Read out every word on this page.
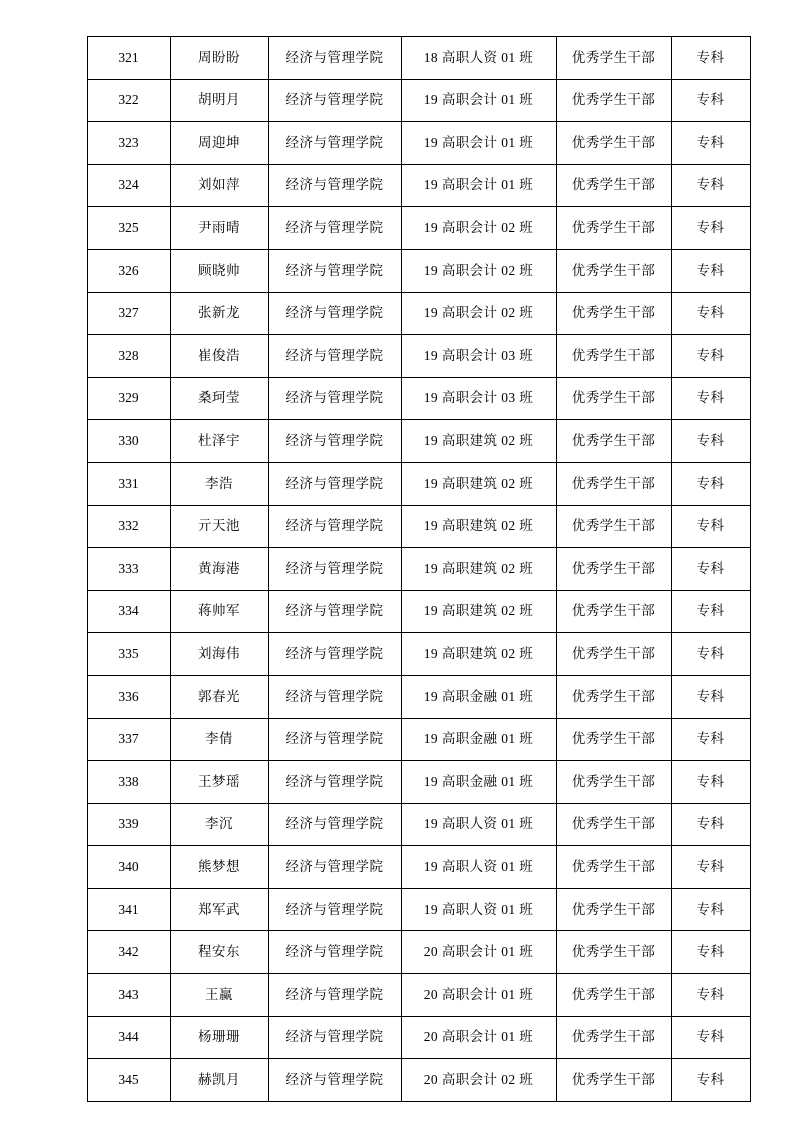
321	周盼盼	经济与管理学院	18 高职人资 01 班	优秀学生干部	专科
322	胡明月	经济与管理学院	19 高职会计 01 班	优秀学生干部	专科
323	周迎坤	经济与管理学院	19 高职会计 01 班	优秀学生干部	专科
324	刘如萍	经济与管理学院	19 高职会计 01 班	优秀学生干部	专科
325	尹雨晴	经济与管理学院	19 高职会计 02 班	优秀学生干部	专科
326	顾晓帅	经济与管理学院	19 高职会计 02 班	优秀学生干部	专科
327	张新龙	经济与管理学院	19 高职会计 02 班	优秀学生干部	专科
328	崔俊浩	经济与管理学院	19 高职会计 03 班	优秀学生干部	专科
329	桑珂莹	经济与管理学院	19 高职会计 03 班	优秀学生干部	专科
330	杜泽宇	经济与管理学院	19 高职建筑 02 班	优秀学生干部	专科
331	李浩	经济与管理学院	19 高职建筑 02 班	优秀学生干部	专科
332	亓天池	经济与管理学院	19 高职建筑 02 班	优秀学生干部	专科
333	黄海港	经济与管理学院	19 高职建筑 02 班	优秀学生干部	专科
334	蒋帅军	经济与管理学院	19 高职建筑 02 班	优秀学生干部	专科
335	刘海伟	经济与管理学院	19 高职建筑 02 班	优秀学生干部	专科
336	郭春光	经济与管理学院	19 高职金融 01 班	优秀学生干部	专科
337	李倩	经济与管理学院	19 高职金融 01 班	优秀学生干部	专科
338	王梦瑶	经济与管理学院	19 高职金融 01 班	优秀学生干部	专科
339	李沉	经济与管理学院	19 高职人资 01 班	优秀学生干部	专科
340	熊梦想	经济与管理学院	19 高职人资 01 班	优秀学生干部	专科
341	郑军武	经济与管理学院	19 高职人资 01 班	优秀学生干部	专科
342	程安东	经济与管理学院	20 高职会计 01 班	优秀学生干部	专科
343	王赢	经济与管理学院	20 高职会计 01 班	优秀学生干部	专科
344	杨珊珊	经济与管理学院	20 高职会计 01 班	优秀学生干部	专科
345	赫凯月	经济与管理学院	20 高职会计 02 班	优秀学生干部	专科
